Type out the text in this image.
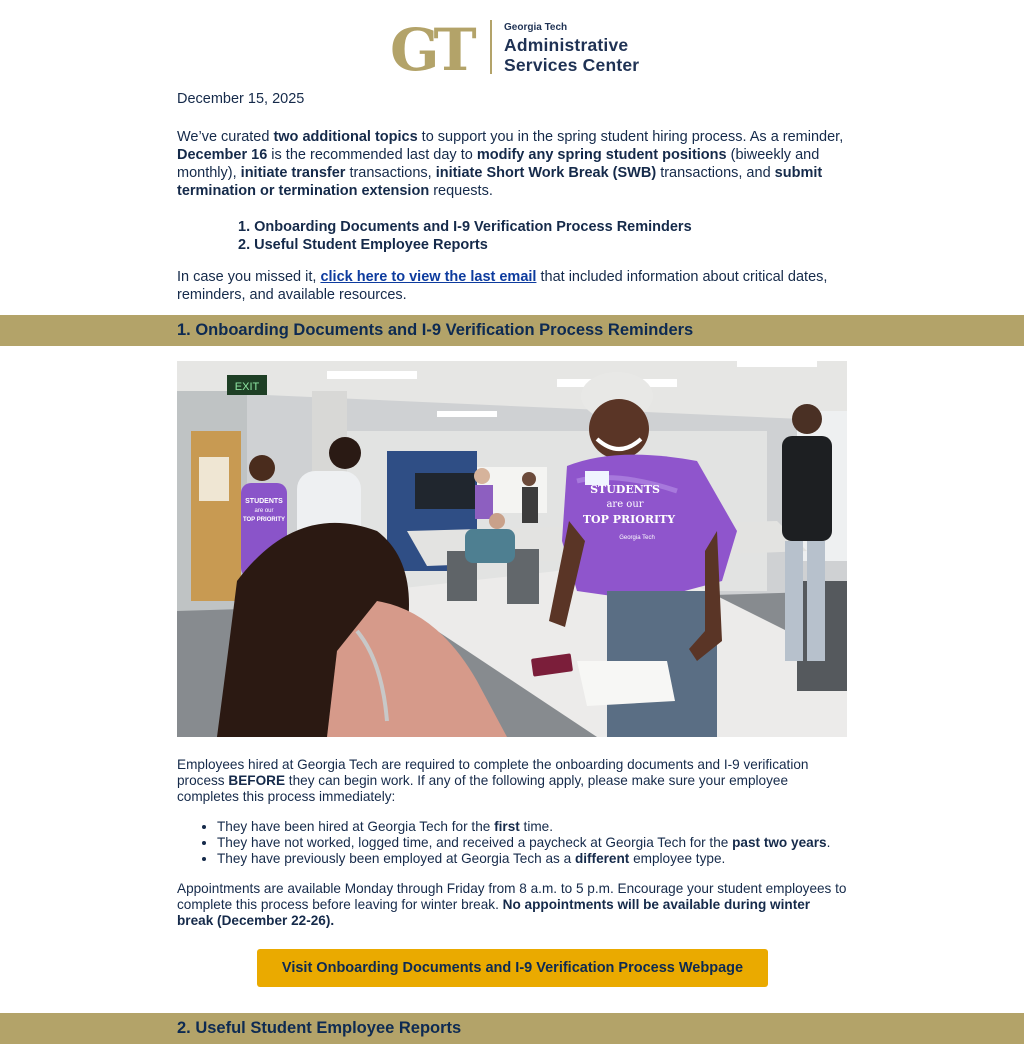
GT	Georgia Tech
Administrative
Services Center
December 15, 2025
We’ve curated two additional topics to support you in the spring student hiring process. As a reminder, December 16 is the recommended last day to modify any spring student positions (biweekly and monthly), initiate transfer transactions, initiate Short Work Break (SWB) transactions, and submit termination or termination extension requests.
1. Onboarding Documents and I-9 Verification Process Reminders
2. Useful Student Employee Reports
In case you missed it, click here to view the last email that included information about critical dates, reminders, and available resources.
1. Onboarding Documents and I-9 Verification Process Reminders
EXIT
STUDENTS
are our
TOP PRIORITY
STUDENTS
are our
TOP PRIORITY
Georgia Tech
Employees hired at Georgia Tech are required to complete the onboarding documents and I-9 verification process BEFORE they can begin work. If any of the following apply, please make sure your employee completes this process immediately:
• They have been hired at Georgia Tech for the first time.
• They have not worked, logged time, and received a paycheck at Georgia Tech for the past two years.
• They have previously been employed at Georgia Tech as a different employee type.
Appointments are available Monday through Friday from 8 a.m. to 5 p.m. Encourage your student employees to complete this process before leaving for winter break. No appointments will be available during winter break (December 22-26).
Visit Onboarding Documents and I-9 Verification Process Webpage
2. Useful Student Employee Reports
